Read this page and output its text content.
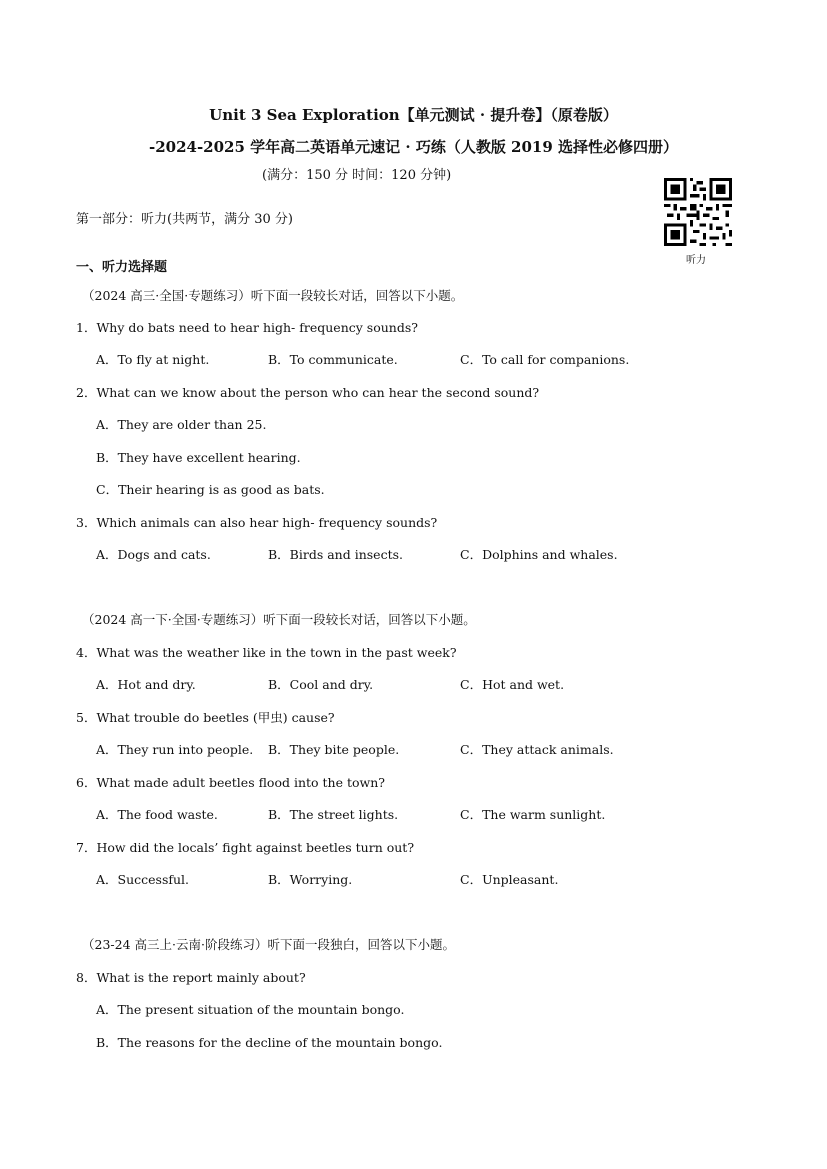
Unit 3 Sea Exploration【单元测试 · 提升卷】（原卷版）
-2024-2025 学年高二英语单元速记 · 巧练（人教版 2019 选择性必修四册）
(满分：150 分 时间：120 分钟)
听力
第一部分：听力(共两节，满分 30 分)
一、听力选择题
（2024 高三·全国·专题练习）听下面一段较长对话，回答以下小题。
1．Why do bats need to hear high- frequency sounds?
A．To fly at night.	B．To communicate.	C．To call for companions.
2．What can we know about the person who can hear the second sound?
A．They are older than 25.
B．They have excellent hearing.
C．Their hearing is as good as bats.
3．Which animals can also hear high- frequency sounds?
A．Dogs and cats.	B．Birds and insects.	C．Dolphins and whales.
（2024 高一下·全国·专题练习）听下面一段较长对话，回答以下小题。
4．What was the weather like in the town in the past week?
A．Hot and dry.	B．Cool and dry.	C．Hot and wet.
5．What trouble do beetles (甲虫) cause?
A．They run into people. B．They bite people.	C．They attack animals.
6．What made adult beetles flood into the town?
A．The food waste.	B．The street lights.	C．The warm sunlight.
7．How did the locals’ fight against beetles turn out?
A．Successful.	B．Worrying.	C．Unpleasant.
（23-24 高三上·云南·阶段练习）听下面一段独白，回答以下小题。
8．What is the report mainly about?
A．The present situation of the mountain bongo.
B．The reasons for the decline of the mountain bongo.
